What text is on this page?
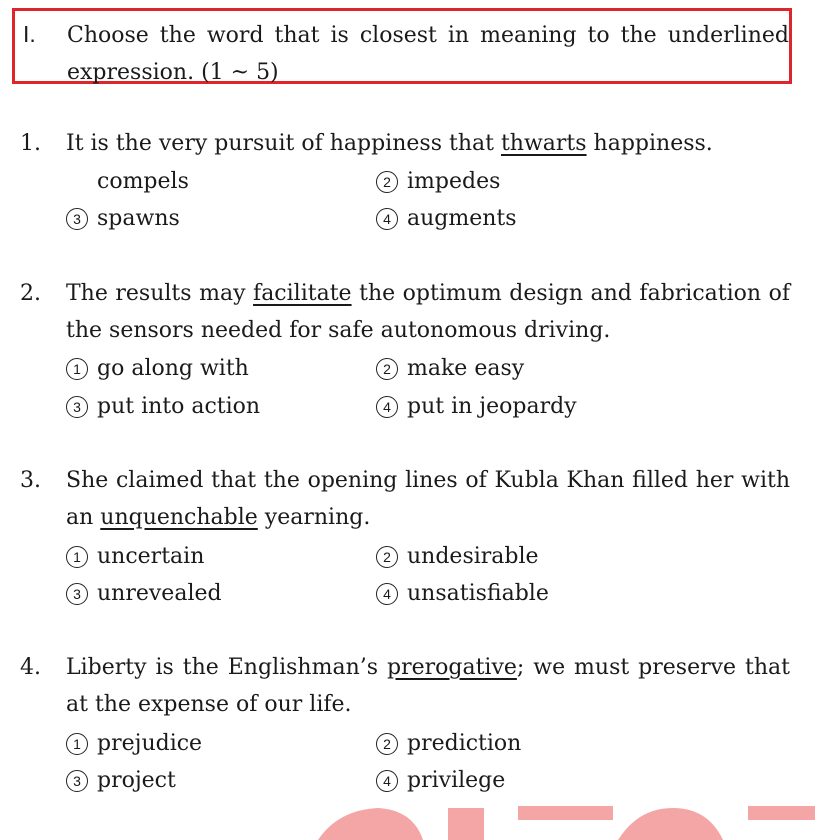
I. Choose the word that is closest in meaning to the underlined expression. (1 ~ 5)
1. It is the very pursuit of happiness that thwarts happiness.
compels	2 impedes
3 spawns	4 augments
2. The results may facilitate the optimum design and fabrication of the sensors needed for safe autonomous driving.
1 go along with	2 make easy
3 put into action	4 put in jeopardy
3. She claimed that the opening lines of Kubla Khan filled her with an unquenchable yearning.
1 uncertain	2 undesirable
3 unrevealed	4 unsatisfiable
4. Liberty is the Englishman’s prerogative; we must preserve that at the expense of our life.
1 prejudice	2 prediction
3 project	4 privilege
